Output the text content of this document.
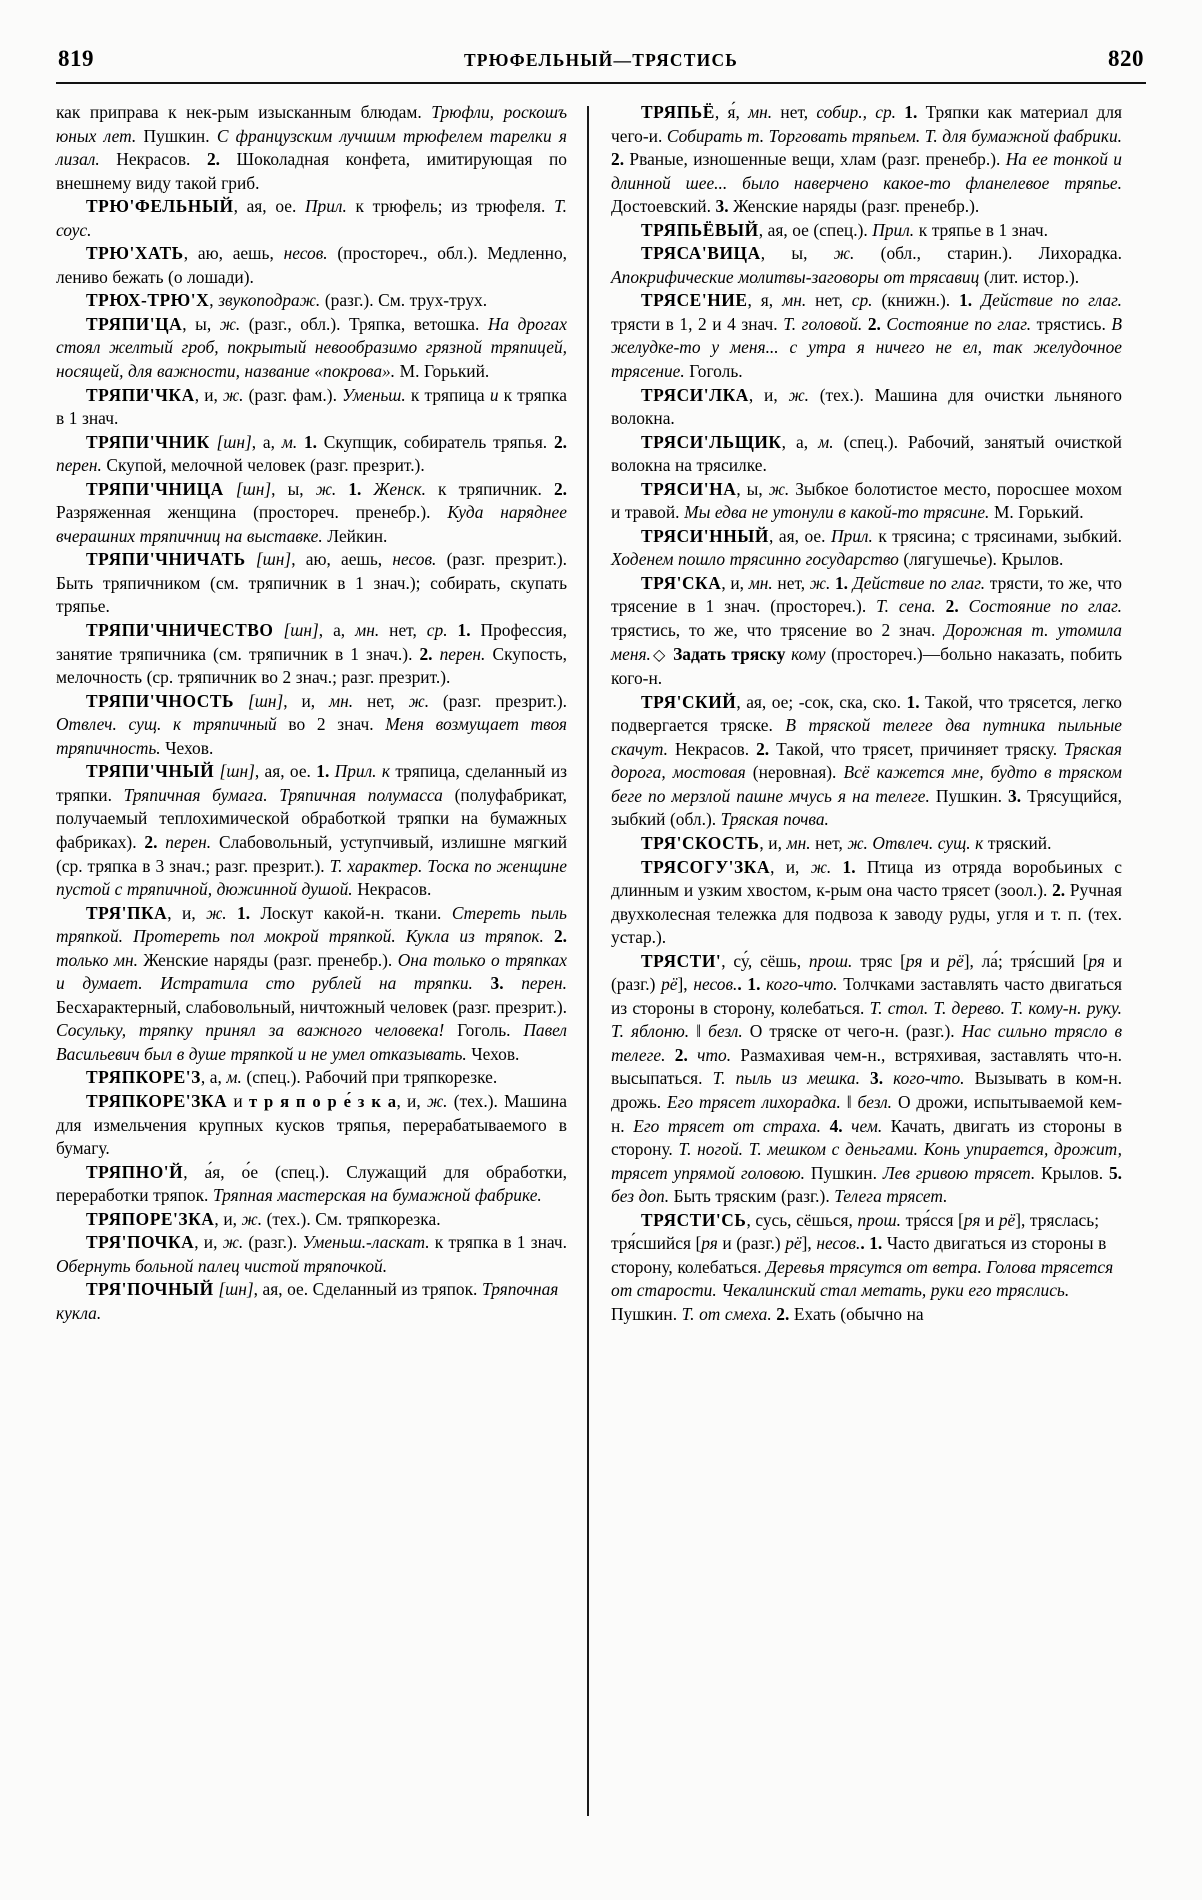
819	ТРЮФЕЛЬНЫЙ—ТРЯСТИСЬ	820

как приправа к нек-рым изысканным блюдам. Трюфли, роскошъ юных лет. Пушкин. С французским лучшим трюфелем тарелки я лизал. Некрасов. 2. Шоколадная конфета, имитирующая по внешнему виду такой гриб.

ТРЮ'ФЕЛЬНЫЙ, ая, ое. Прил. к трюфель; из трюфеля. Т. соус.

ТРЮ'ХАТЬ, аю, аешь, несов. (простореч., обл.). Медленно, лениво бежать (о лошади).

ТРЮХ-ТРЮ'Х, звукоподраж. (разг.). См. трух-трух.

ТРЯПИ'ЦА, ы, ж. (разг., обл.). Тряпка, ветошка. На дрогах стоял желтый гроб, покрытый невообразимо грязной тряпицей, носящей, для важности, название «покрова». М. Горький.

ТРЯПИ'ЧКА, и, ж. (разг. фам.). Уменьш. к тряпица и к тряпка в 1 знач.

ТРЯПИ'ЧНИК [шн], а, м. 1. Скупщик, собиратель тряпья. 2. перен. Скупой, мелочной человек (разг. презрит.).

ТРЯПИ'ЧНИЦА [шн], ы, ж. 1. Женск. к тряпичник. 2. Разряженная женщина (простореч. пренебр.). Куда наряднее вчерашних тряпичниц на выставке. Лейкин.

ТРЯПИ'ЧНИЧАТЬ [шн], аю, аешь, несов. (разг. презрит.). Быть тряпичником (см. тряпичник в 1 знач.); собирать, скупать тряпье.

ТРЯПИ'ЧНИЧЕСТВО [шн], а, мн. нет, ср. 1. Профессия, занятие тряпичника (см. тряпичник в 1 знач.). 2. перен. Скупость, мелочность (ср. тряпичник во 2 знач.; разг. презрит.).

ТРЯПИ'ЧНОСТЬ [шн], и, мн. нет, ж. (разг. презрит.). Отвлеч. сущ. к тряпичный во 2 знач. Меня возмущает твоя тряпичность. Чехов.

ТРЯПИ'ЧНЫЙ [шн], ая, ое. 1. Прил. к тряпица, сделанный из тряпки. Тряпичная бумага. Тряпичная полумасса (полуфабрикат, получаемый теплохимической обработкой тряпки на бумажных фабриках). 2. перен. Слабовольный, уступчивый, излишне мягкий (ср. тряпка в 3 знач.; разг. презрит.). Т. характер. Тоска по женщине пустой с тряпичной, дюжинной душой. Некрасов.

ТРЯ'ПКА, и, ж. 1. Лоскут какой-н. ткани. Стереть пыль тряпкой. Протереть пол мокрой тряпкой. Кукла из тряпок. 2. только мн. Женские наряды (разг. пренебр.). Она только о тряпках и думает. Истратила сто рублей на тряпки. 3. перен. Бесхарактерный, слабовольный, ничтожный человек (разг. презрит.). Сосульку, тряпку принял за важного человека! Гоголь. Павел Васильевич был в душе тряпкой и не умел отказывать. Чехов.

ТРЯПКОРЕ'З, а, м. (спец.). Рабочий при тряпкорезке.

ТРЯПКОРЕ'ЗКА и т р я п о р е́ з к а, и, ж. (тех.). Машина для измельчения крупных кусков тряпья, перерабатываемого в бумагу.

ТРЯПНО'Й, а́я, о́е (спец.). Служащий для обработки, переработки тряпок. Тряпная мастерская на бумажной фабрике.

ТРЯПОРЕ'ЗКА, и, ж. (тех.). См. тряпкорезка.

ТРЯ'ПОЧКА, и, ж. (разг.). Уменьш.-ласкат. к тряпка в 1 знач. Обернуть больной палец чистой тряпочкой.

ТРЯ'ПОЧНЫЙ [шн], ая, ое. Сделанный из тряпок. Тряпочная кукла.

ТРЯПЬЁ, я́, мн. нет, собир., ср. 1. Тряпки как материал для чего-и. Собирать т. Торговать тряпьем. Т. для бумажной фабрики. 2. Рваные, изношенные вещи, хлам (разг. пренебр.). На ее тонкой и длинной шее... было наверчено какое-то фланелевое тряпье. Достоевский. 3. Женские наряды (разг. пренебр.).

ТРЯПЬЁВЫЙ, ая, ое (спец.). Прил. к тряпье в 1 знач.

ТРЯСА'ВИЦА, ы, ж. (обл., старин.). Лихорадка. Апокрифические молитвы-заговоры от трясавиц (лит. истор.).

ТРЯСЕ'НИЕ, я, мн. нет, ср. (книжн.). 1. Действие по глаг. трясти в 1, 2 и 4 знач. Т. головой. 2. Состояние по глаг. трястись. В желудке-то у меня... с утра я ничего не ел, так желудочное трясение. Гоголь.

ТРЯСИ'ЛКА, и, ж. (тех.). Машина для очистки льняного волокна.

ТРЯСИ'ЛЬЩИК, а, м. (спец.). Рабочий, занятый очисткой волокна на трясилке.

ТРЯСИ'НА, ы, ж. Зыбкое болотистое место, поросшее мохом и травой. Мы едва не утонули в какой-то трясине. М. Горький.

ТРЯСИ'ННЫЙ, ая, ое. Прил. к трясина; с трясинами, зыбкий. Ходенем пошло трясинно государство (лягушечье). Крылов.

ТРЯ'СКА, и, мн. нет, ж. 1. Действие по глаг. трясти, то же, что трясение в 1 знач. (простореч.). Т. сена. 2. Состояние по глаг. трястись, то же, что трясение во 2 знач. Дорожная т. утомила меня.◇ Задать тряску кому (простореч.)—больно наказать, побить кого-н.

ТРЯ'СКИЙ, ая, ое; -сок, ска, ско. 1. Такой, что трясется, легко подвергается тряске. В тряской телеге два путника пыльные скачут. Некрасов. 2. Такой, что трясет, причиняет тряску. Тряская дорога, мостовая (неровная). Всё кажется мне, будто в тряском беге по мерзлой пашне мчусь я на телеге. Пушкин. 3. Трясущийся, зыбкий (обл.). Тряская почва.

ТРЯ'СКОСТЬ, и, мн. нет, ж. Отвлеч. сущ. к тряский.

ТРЯСОГУ'ЗКА, и, ж. 1. Птица из отряда воробьиных с длинным и узким хвостом, к-рым она часто трясет (зоол.). 2. Ручная двухколесная тележка для подвоза к заводу руды, угля и т. п. (тех. устар.).

ТРЯСТИ', су́, сёшь, прош. тряс [ря и рё], ла́; тря́сший [ря и (разг.) рё], несов.. 1. кого-что. Толчками заставлять часто двигаться из стороны в сторону, колебаться. Т. стол. Т. дерево. Т. кому-н. руку. Т. яблоню. ǁ безл. О тряске от чего-н. (разг.). Нас сильно трясло в телеге. 2. что. Размахивая чем-н., встряхивая, заставлять что-н. высыпаться. Т. пыль из мешка. 3. кого-что. Вызывать в ком-н. дрожь. Его трясет лихорадка. ǁ безл. О дрожи, испытываемой кем-н. Его трясет от страха. 4. чем. Качать, двигать из стороны в сторону. Т. ногой. Т. мешком с деньгами. Конь упирается, дрожит, трясет упрямой головою. Пушкин. Лев гривою трясет. Крылов. 5. без доп. Быть тряским (разг.). Телега трясет.

ТРЯСТИ'СЬ, сусь, сёшься, прош. тря́сся [ря и рё], тряслась; тря́сшийся [ря и (разг.) рё], несов.. 1. Часто двигаться из стороны в сторону, колебаться. Деревья трясутся от ветра. Голова трясется от старости. Чекалинский стал метать, руки его тряслись. Пушкин. Т. от смеха. 2. Ехать (обычно на
